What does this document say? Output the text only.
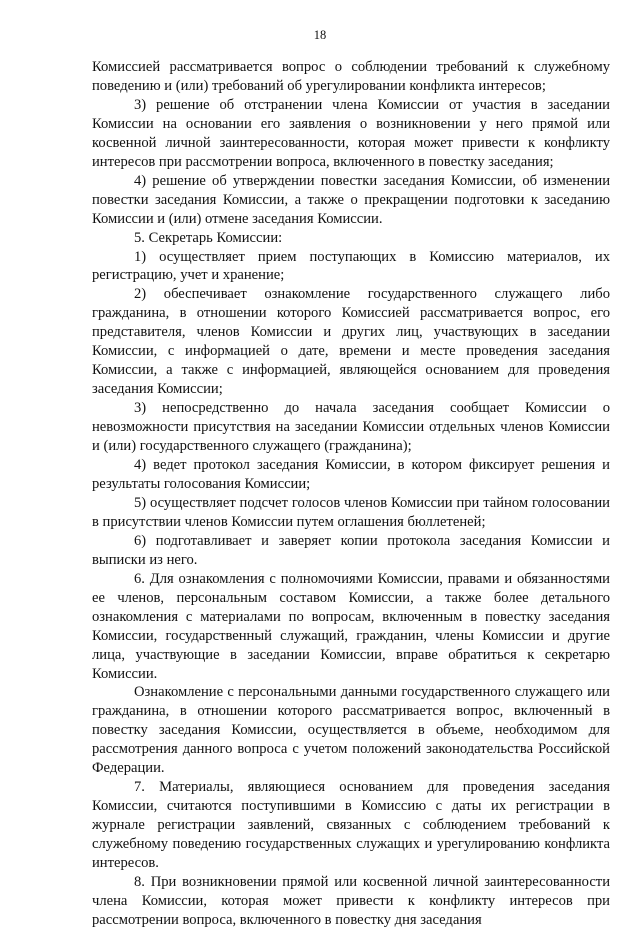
18

Комиссией рассматривается вопрос о соблюдении требований к служебному поведению и (или) требований об урегулировании конфликта интересов;

3) решение об отстранении члена Комиссии от участия в заседании Комиссии на основании его заявления о возникновении у него прямой или косвенной личной заинтересованности, которая может привести к конфликту интересов при рассмотрении вопроса, включенного в повестку заседания;

4) решение об утверждении повестки заседания Комиссии, об изменении повестки заседания Комиссии, а также о прекращении подготовки к заседанию Комиссии и (или) отмене заседания Комиссии.

5. Секретарь Комиссии:

1) осуществляет прием поступающих в Комиссию материалов, их регистрацию, учет и хранение;

2) обеспечивает ознакомление государственного служащего либо гражданина, в отношении которого Комиссией рассматривается вопрос, его представителя, членов Комиссии и других лиц, участвующих в заседании Комиссии, с информацией о дате, времени и месте проведения заседания Комиссии, а также с информацией, являющейся основанием для проведения заседания Комиссии;

3) непосредственно до начала заседания сообщает Комиссии о невозможности присутствия на заседании Комиссии отдельных членов Комиссии и (или) государственного служащего (гражданина);

4) ведет протокол заседания Комиссии, в котором фиксирует решения и результаты голосования Комиссии;

5) осуществляет подсчет голосов членов Комиссии при тайном голосовании в присутствии членов Комиссии путем оглашения бюллетеней;

6) подготавливает и заверяет копии протокола заседания Комиссии и выписки из него.

6. Для ознакомления с полномочиями Комиссии, правами и обязанностями ее членов, персональным составом Комиссии, а также более детального ознакомления с материалами по вопросам, включенным в повестку заседания Комиссии, государственный служащий, гражданин, члены Комиссии и другие лица, участвующие в заседании Комиссии, вправе обратиться к секретарю Комиссии.

Ознакомление с персональными данными государственного служащего или гражданина, в отношении которого рассматривается вопрос, включенный в повестку заседания Комиссии, осуществляется в объеме, необходимом для рассмотрения данного вопроса с учетом положений законодательства Российской Федерации.

7. Материалы, являющиеся основанием для проведения заседания Комиссии, считаются поступившими в Комиссию с даты их регистрации в журнале регистрации заявлений, связанных с соблюдением требований к служебному поведению государственных служащих и урегулированию конфликта интересов.

8. При возникновении прямой или косвенной личной заинтересованности члена Комиссии, которая может привести к конфликту интересов при рассмотрении вопроса, включенного в повестку дня заседания
